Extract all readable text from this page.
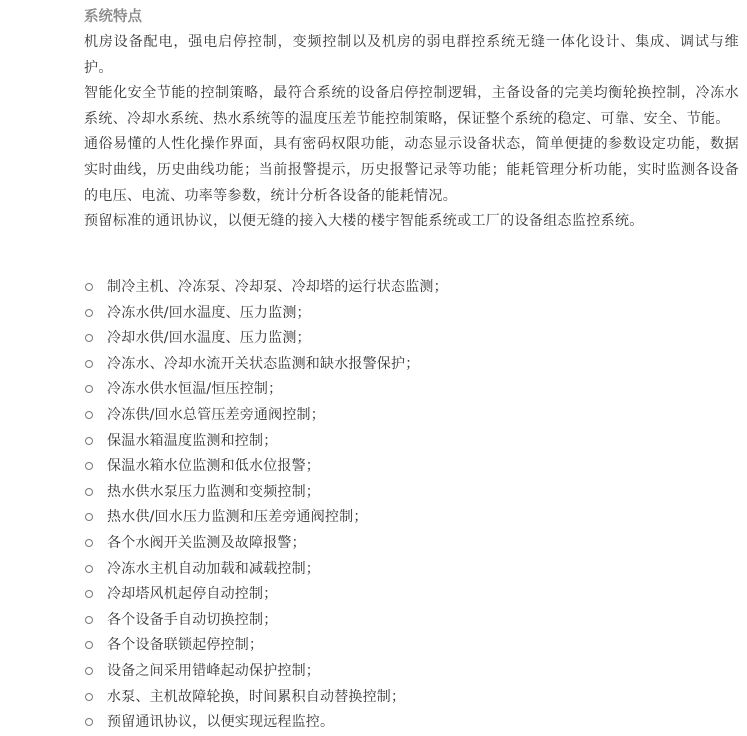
系统特点

机房设备配电，强电启停控制，变频控制以及机房的弱电群控系统无缝一体化设计、集成、调试与维护。

智能化安全节能的控制策略，最符合系统的设备启停控制逻辑，主备设备的完美均衡轮换控制，冷冻水系统、冷却水系统、热水系统等的温度压差节能控制策略，保证整个系统的稳定、可靠、安全、节能。

通俗易懂的人性化操作界面，具有密码权限功能，动态显示设备状态，简单便捷的参数设定功能，数据实时曲线，历史曲线功能；当前报警提示，历史报警记录等功能；能耗管理分析功能，实时监测各设备的电压、电流、功率等参数，统计分析各设备的能耗情况。

预留标准的通讯协议，以便无缝的接入大楼的楼宇智能系统或工厂的设备组态监控系统。

制冷主机、冷冻泵、冷却泵、冷却塔的运行状态监测；
冷冻水供/回水温度、压力监测；
冷却水供/回水温度、压力监测；
冷冻水、冷却水流开关状态监测和缺水报警保护；
冷冻水供水恒温/恒压控制；
冷冻供/回水总管压差旁通阀控制；
保温水箱温度监测和控制；
保温水箱水位监测和低水位报警；
热水供水泵压力监测和变频控制；
热水供/回水压力监测和压差旁通阀控制；
各个水阀开关监测及故障报警；
冷冻水主机自动加载和减载控制；
冷却塔风机起停自动控制；
各个设备手自动切换控制；
各个设备联锁起停控制；
设备之间采用错峰起动保护控制；
水泵、主机故障轮换，时间累积自动替换控制；
预留通讯协议，以便实现远程监控。
